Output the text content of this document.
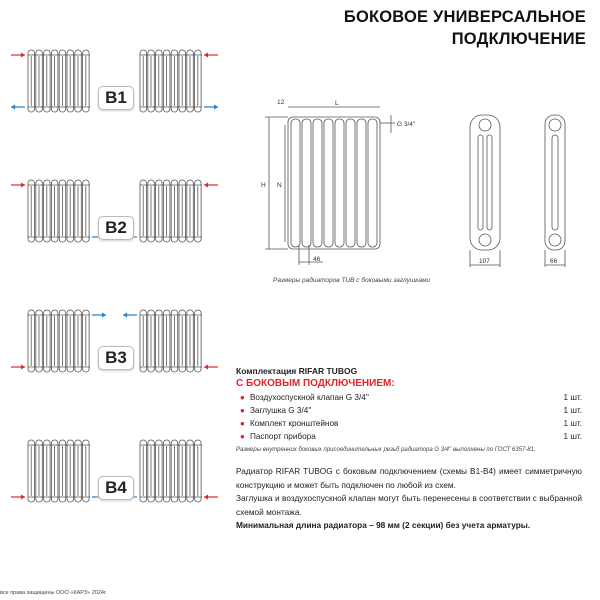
БОКОВОЕ УНИВЕРСАЛЬНОЕ
ПОДКЛЮЧЕНИЕ
B1
B2
B3
B4
12	L
G 3/4''
H N
46	107	66
Размеры радиаторов TUB с боковыми заглушками
Комплектация RIFAR TUBOG
С БОКОВЫМ ПОДКЛЮЧЕНИЕМ:
● Воздухоспускной клапан G 3/4''	1 шт.
● Заглушка G 3/4''	1 шт.
● Комплект кронштейнов	1 шт.
● Паспорт прибора	1 шт.
Размеры внутренних боковых присоединительных резьб радиатора G 3/4'' выполнены по ГОСТ 6357-81.
Радиатор RIFAR TUBOG с боковым подключением (схемы B1-B4) имеет симметричную конструкцию и может быть подключен по любой из схем.
Заглушка и воздухоспускной клапан могут быть перенесены в соответствии с выбранной схемой монтажа.
Минимальная длина радиатора – 98 мм (2 секции) без учета арматуры.
все права защищены ООО «КАРЗ» 2024г.
